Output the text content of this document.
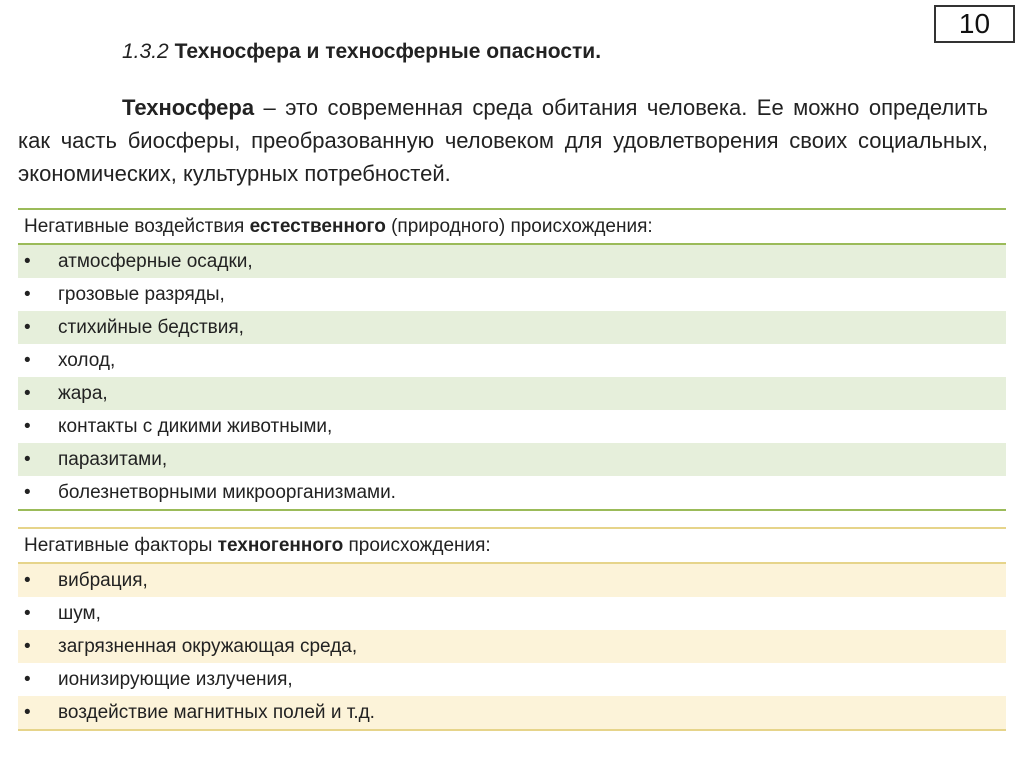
10
1.3.2 Техносфера и техносферные опасности.
Техносфера – это современная среда обитания человека. Ее можно определить как часть биосферы, преобразованную человеком для удовлетворения своих социальных, экономических, культурных потребностей.
Негативные воздействия естественного (природного) происхождения:
• атмосферные осадки,
• грозовые разряды,
• стихийные бедствия,
• холод,
• жара,
• контакты с дикими животными,
• паразитами,
• болезнетворными микроорганизмами.
Негативные факторы техногенного происхождения:
• вибрация,
• шум,
• загрязненная окружающая среда,
• ионизирующие излучения,
• воздействие магнитных полей и т.д.
